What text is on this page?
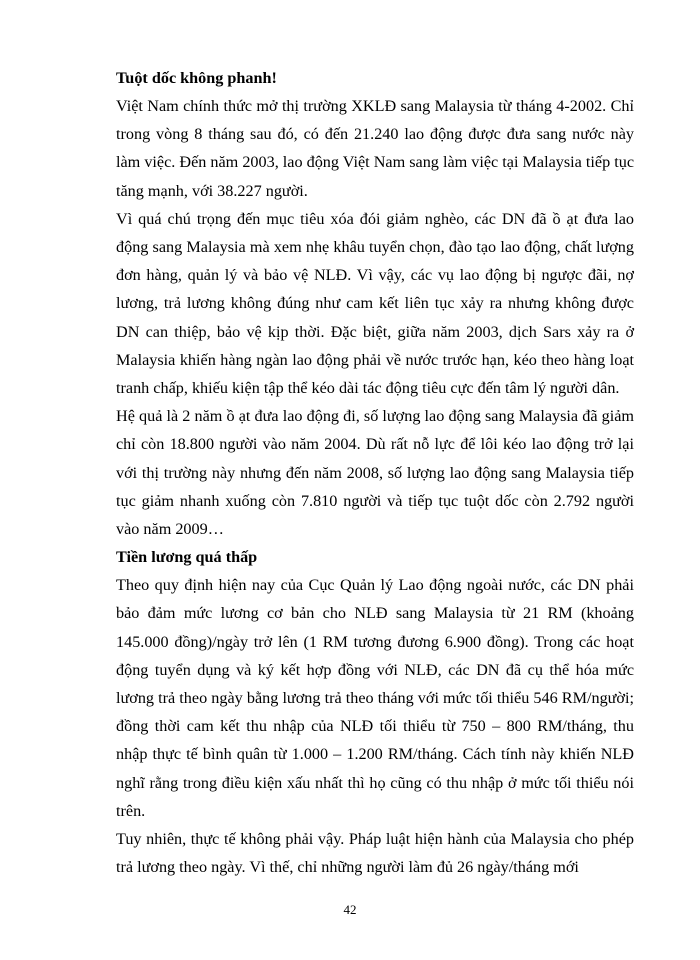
Tuột dốc không phanh!

Việt Nam chính thức mở thị trường XKLĐ sang Malaysia từ tháng 4-2002. Chỉ trong vòng 8 tháng sau đó, có đến 21.240 lao động được đưa sang nước này làm việc. Đến năm 2003, lao động Việt Nam sang làm việc tại Malaysia tiếp tục tăng mạnh, với 38.227 người.

Vì quá chú trọng đến mục tiêu xóa đói giảm nghèo, các DN đã ồ ạt đưa lao động sang Malaysia mà xem nhẹ khâu tuyển chọn, đào tạo lao động, chất lượng đơn hàng, quản lý và bảo vệ NLĐ. Vì vậy, các vụ lao động bị ngược đãi, nợ lương, trả lương không đúng như cam kết liên tục xảy ra nhưng không được DN can thiệp, bảo vệ kịp thời. Đặc biệt, giữa năm 2003, dịch Sars xảy ra ở Malaysia khiến hàng ngàn lao động phải về nước trước hạn, kéo theo hàng loạt tranh chấp, khiếu kiện tập thể kéo dài tác động tiêu cực đến tâm lý người dân.

Hệ quả là 2 năm ồ ạt đưa lao động đi, số lượng lao động sang Malaysia đã giảm chỉ còn 18.800 người vào năm 2004. Dù rất nỗ lực để lôi kéo lao động trở lại với thị trường này nhưng đến năm 2008, số lượng lao động sang Malaysia tiếp tục giảm nhanh xuống còn 7.810 người và tiếp tục tuột dốc còn 2.792 người vào năm 2009…

Tiền lương quá thấp

Theo quy định hiện nay của Cục Quản lý Lao động ngoài nước, các DN phải bảo đảm mức lương cơ bản cho NLĐ sang Malaysia từ 21 RM (khoảng 145.000 đồng)/ngày trở lên (1 RM tương đương 6.900 đồng). Trong các hoạt động tuyển dụng và ký kết hợp đồng với NLĐ, các DN đã cụ thể hóa mức lương trả theo ngày bằng lương trả theo tháng với mức tối thiểu 546 RM/người; đồng thời cam kết thu nhập của NLĐ tối thiểu từ 750 – 800 RM/tháng, thu nhập thực tế bình quân từ 1.000 – 1.200 RM/tháng. Cách tính này khiến NLĐ nghĩ rằng trong điều kiện xấu nhất thì họ cũng có thu nhập ở mức tối thiểu nói trên.

Tuy nhiên, thực tế không phải vậy. Pháp luật hiện hành của Malaysia cho phép trả lương theo ngày. Vì thế, chỉ những người làm đủ 26 ngày/tháng mới

42
